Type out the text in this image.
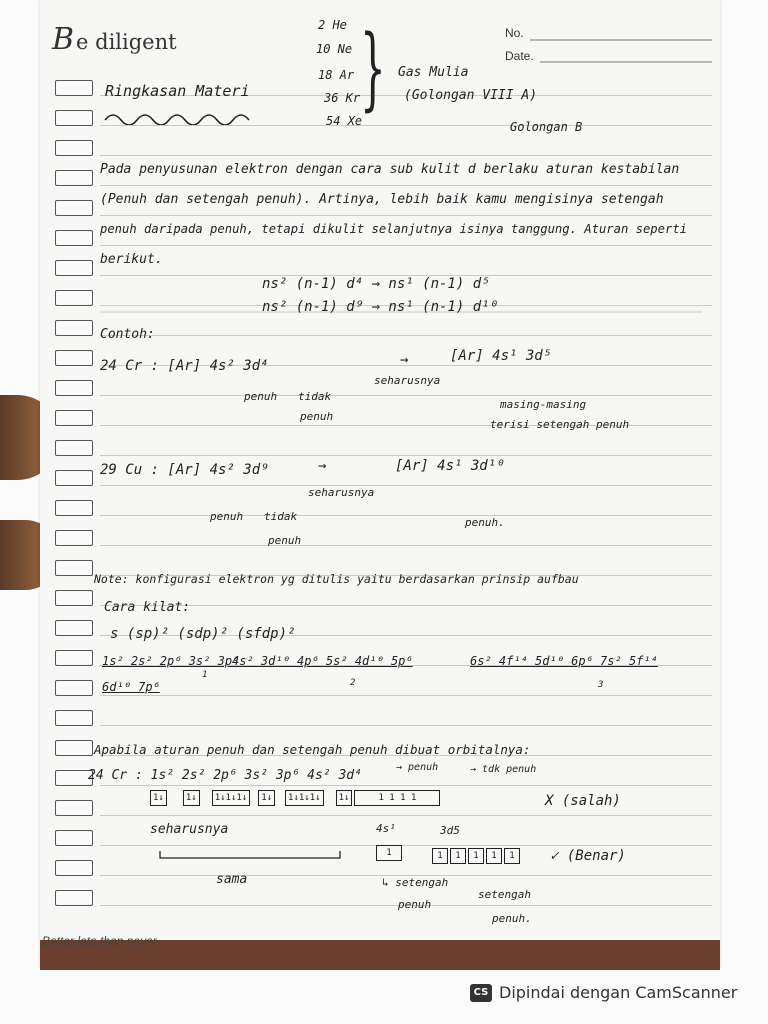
Be diligent	No.
Date.
2 He
10 Ne
18 Ar
36 Kr
54 Xe
} Gas Mulia
(Golongan VIII A)
Ringkasan Materi
Golongan B
Pada penyusunan elektron dengan cara sub kulit d berlaku aturan kestabilan
(Penuh dan setengah penuh). Artinya, lebih baik kamu mengisinya setengah
penuh daripada penuh, tetapi dikulit selanjutnya isinya tanggung. Aturan seperti
berikut.
ns² (n-1) d⁴ → ns¹ (n-1) d⁵
ns² (n-1) d⁹ → ns¹ (n-1) d¹⁰
Contoh:
24 Cr : [Ar] 4s² 3d⁴	→	[Ar] 4s¹ 3d⁵
penuh tidak
penuh
seharusnya
masing-masing
terisi setengah penuh
29 Cu : [Ar] 4s² 3d⁹	→	[Ar] 4s¹ 3d¹⁰
seharusnya
penuh tidak
penuh
penuh.
Note: konfigurasi elektron yg ditulis yaitu berdasarkan prinsip aufbau
Cara kilat:
s (sp)² (sdp)² (sfdp)²
1s² 2s² 2p⁶ 3s² 3p⁶
4s² 3d¹⁰ 4p⁶ 5s² 4d¹⁰ 5p⁶	6s² 4f¹⁴ 5d¹⁰ 6p⁶ 7s² 5f¹⁴
6d¹⁰ 7p⁶
1
2	3
Apabila aturan penuh dan setengah penuh dibuat orbitalnya:
24 Cr : 1s² 2s² 2p⁶ 3s² 3p⁶ 4s² 3d⁴
→ penuh	→ tdk penuh
1↓	1↓	1↓1↓1↓	1↓	1↓1↓1↓	1↓	1 1 1 1	X (salah)
seharusnya	4s¹	3d5
1	1	1	1	1	1	✓ (Benar)
sama	↳ setengah
penuh
setengah
penuh.
Better late than never
CS Dipindai dengan CamScanner
